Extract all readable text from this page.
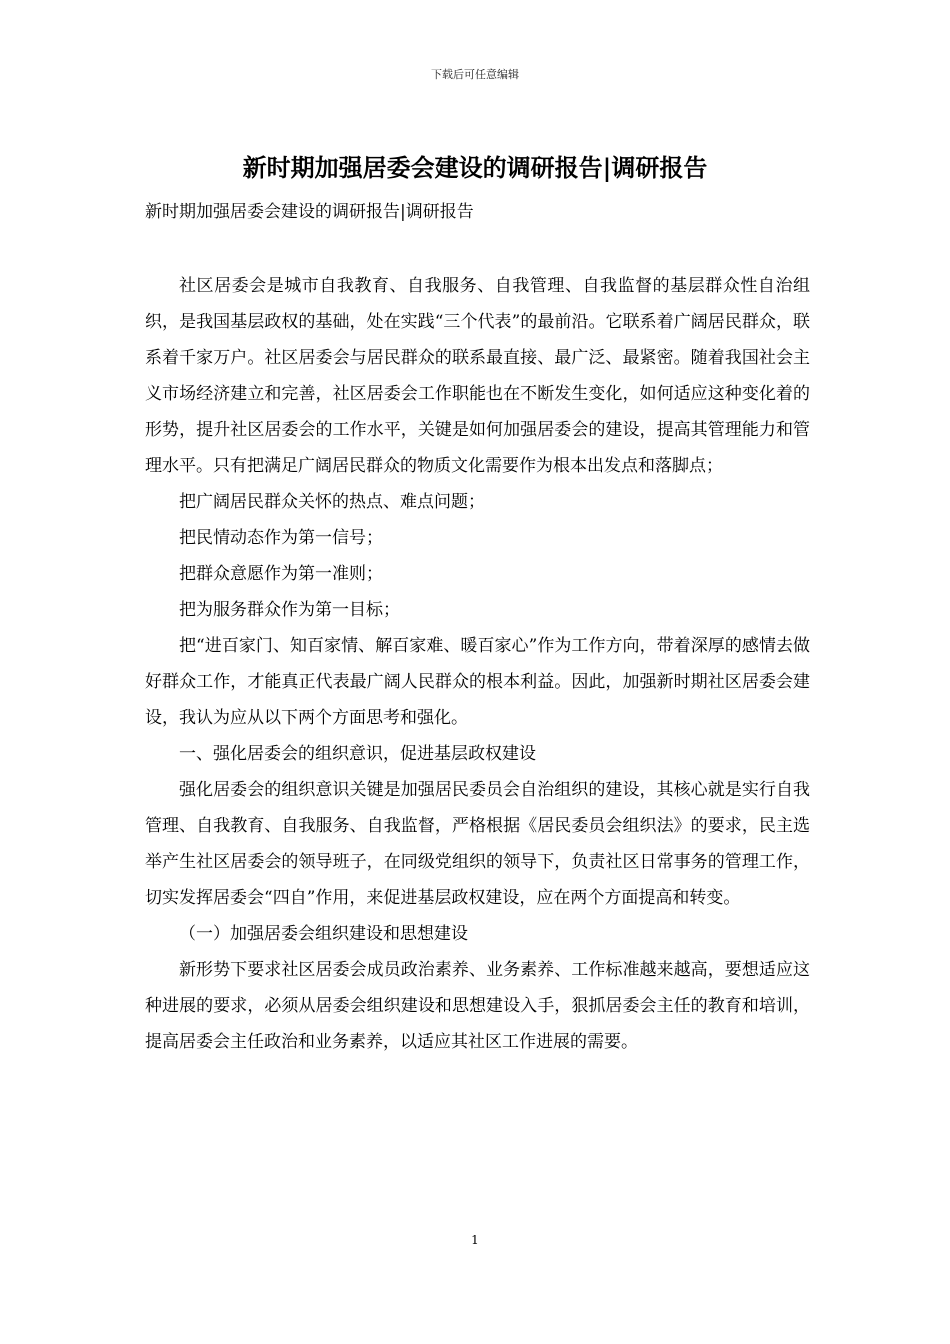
下载后可任意编辑
新时期加强居委会建设的调研报告|调研报告

新时期加强居委会建设的调研报告|调研报告

社区居委会是城市自我教育、自我服务、自我管理、自我监督的基层群众性自治组织，是我国基层政权的基础，处在实践“三个代表”的最前沿。它联系着广阔居民群众，联系着千家万户。社区居委会与居民群众的联系最直接、最广泛、最紧密。随着我国社会主义市场经济建立和完善，社区居委会工作职能也在不断发生变化，如何适应这种变化着的形势，提升社区居委会的工作水平，关键是如何加强居委会的建设，提高其管理能力和管理水平。只有把满足广阔居民群众的物质文化需要作为根本出发点和落脚点；

把广阔居民群众关怀的热点、难点问题；

把民情动态作为第一信号；

把群众意愿作为第一准则；

把为服务群众作为第一目标；

把“进百家门、知百家情、解百家难、暖百家心”作为工作方向，带着深厚的感情去做好群众工作，才能真正代表最广阔人民群众的根本利益。因此，加强新时期社区居委会建设，我认为应从以下两个方面思考和强化。

一、强化居委会的组织意识，促进基层政权建设

强化居委会的组织意识关键是加强居民委员会自治组织的建设，其核心就是实行自我管理、自我教育、自我服务、自我监督，严格根据《居民委员会组织法》的要求，民主选举产生社区居委会的领导班子，在同级党组织的领导下，负责社区日常事务的管理工作，切实发挥居委会“四自”作用，来促进基层政权建设，应在两个方面提高和转变。

（一）加强居委会组织建设和思想建设

新形势下要求社区居委会成员政治素养、业务素养、工作标准越来越高，要想适应这种进展的要求，必须从居委会组织建设和思想建设入手，狠抓居委会主任的教育和培训，提高居委会主任政治和业务素养，以适应其社区工作进展的需要。

1
